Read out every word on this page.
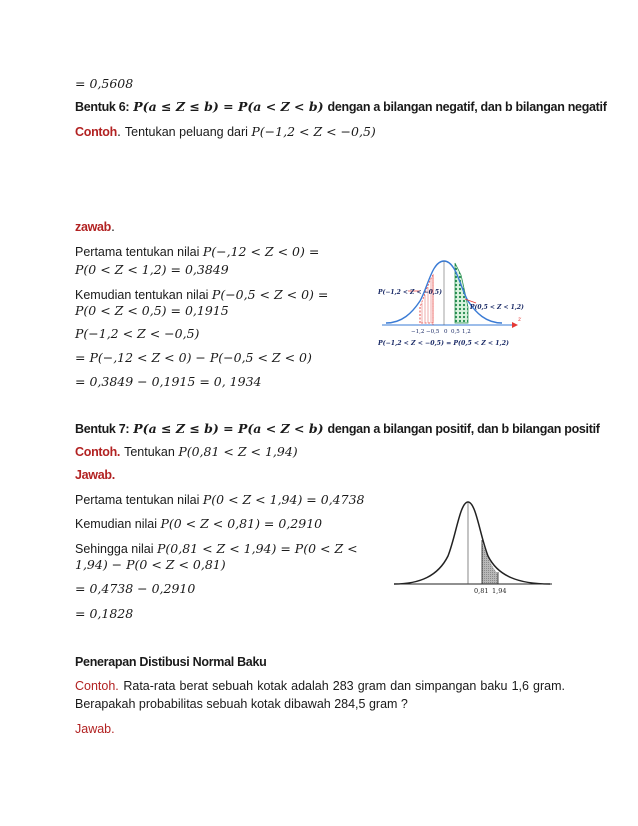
= 0,5608
Bentuk 6: P(a ≤ Z ≤ b) = P(a < Z < b) dengan a bilangan negatif, dan b bilangan negatif
Contoh. Tentukan peluang dari P(−1,2 < Z < −0,5)
zawab.
Pertama tentukan nilai P(−,12 < Z < 0) =
P(0 < Z < 1,2) = 0,3849
Kemudian tentukan nilai P(−0,5 < Z < 0) =
P(0 < Z < 0,5) = 0,1915
P(−1,2 < Z < −0,5)
= P(−,12 < Z < 0) − P(−0,5 < Z < 0)
= 0,3849 − 0,1915 = 0, 1934
P(−1,2 < Z < −0,5)
P(0,5 < Z < 1,2)
−1,2 −0,5 0 0,5 1,2
z
P(−1,2 < Z < −0,5) = P(0,5 < Z < 1,2)
Bentuk 7: P(a ≤ Z ≤ b) = P(a < Z < b) dengan a bilangan positif, dan b bilangan positif
Contoh. Tentukan P(0,81 < Z < 1,94)
Jawab.
Pertama tentukan nilai P(0 < Z < 1,94) = 0,4738
Kemudian nilai P(0 < Z < 0,81) = 0,2910
Sehingga nilai P(0,81 < Z < 1,94) = P(0 < Z <
1,94) − P(0 < Z < 0,81)
= 0,4738 − 0,2910
= 0,1828
0,81 1,94
Penerapan Distibusi Normal Baku
Contoh. Rata-rata berat sebuah kotak adalah 283 gram dan simpangan baku 1,6 gram. Berapakah probabilitas sebuah kotak dibawah 284,5 gram ?
Jawab.
